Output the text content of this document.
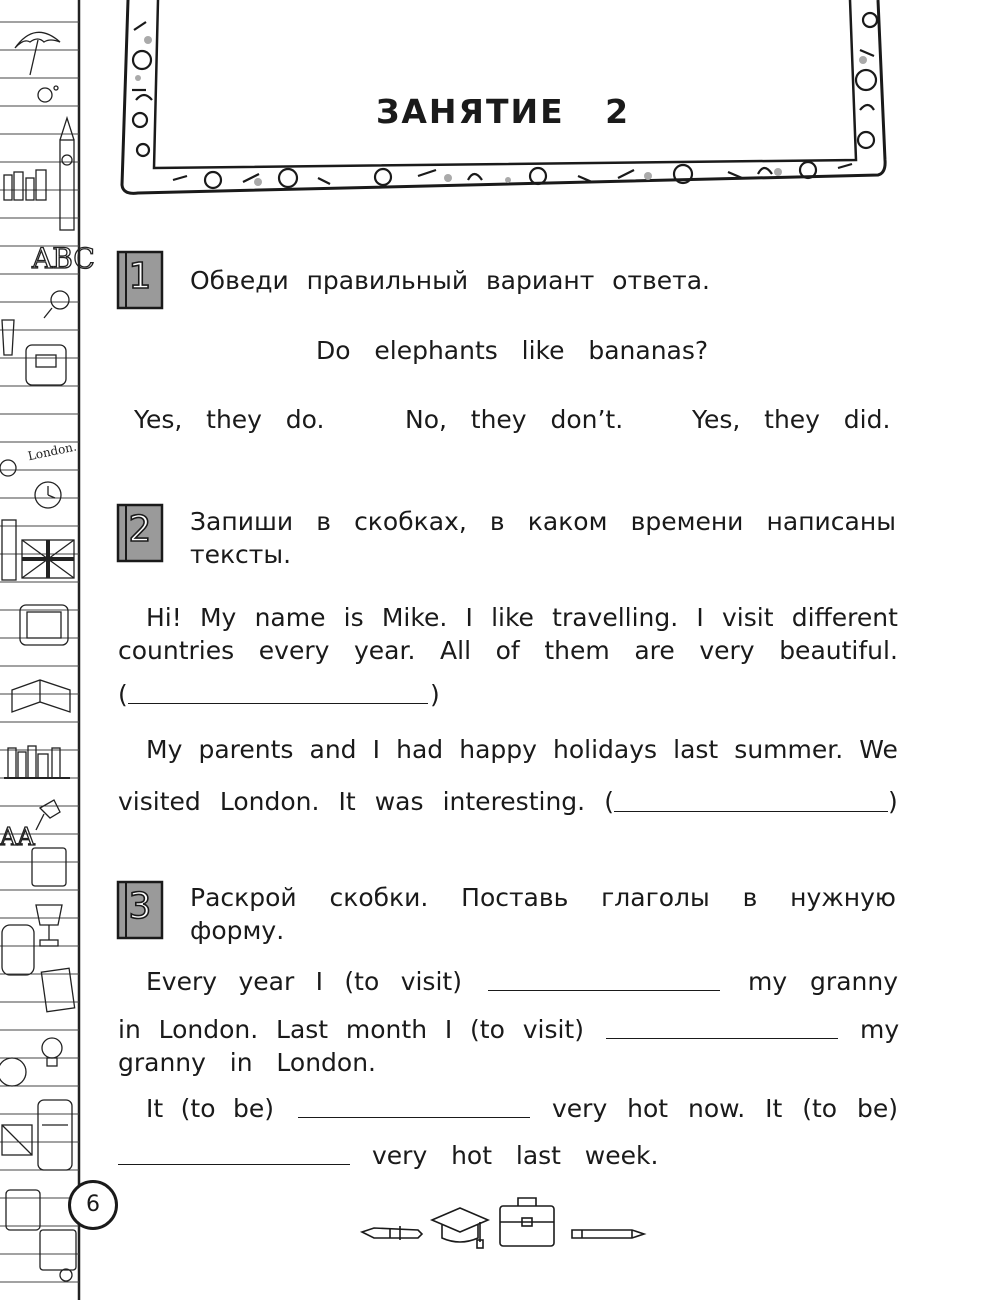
ABC
London.
AA
ЗАНЯТИЕ   2
1	Обведи правильный вариант ответа.
Do   elephants   like   bananas?
Yes,   they   do.	No,   they   don’t.	Yes,   they   did.
2	Запиши в скобках, в каком времени написаны
тексты.
Hi! My name is Mike. I like travelling. I visit different
countries every year. All of them are very beautiful.
(	)
My parents and I had happy holidays last summer. We
visited London. It was interesting. (	)
3	Раскрой скобки. Поставь глаголы в нужную
форму.
Every year I (to visit)	my granny
in London. Last month I (to visit)	my
granny   in   London.
It (to be)	very hot now. It (to be)
very   hot   last   week.
6
